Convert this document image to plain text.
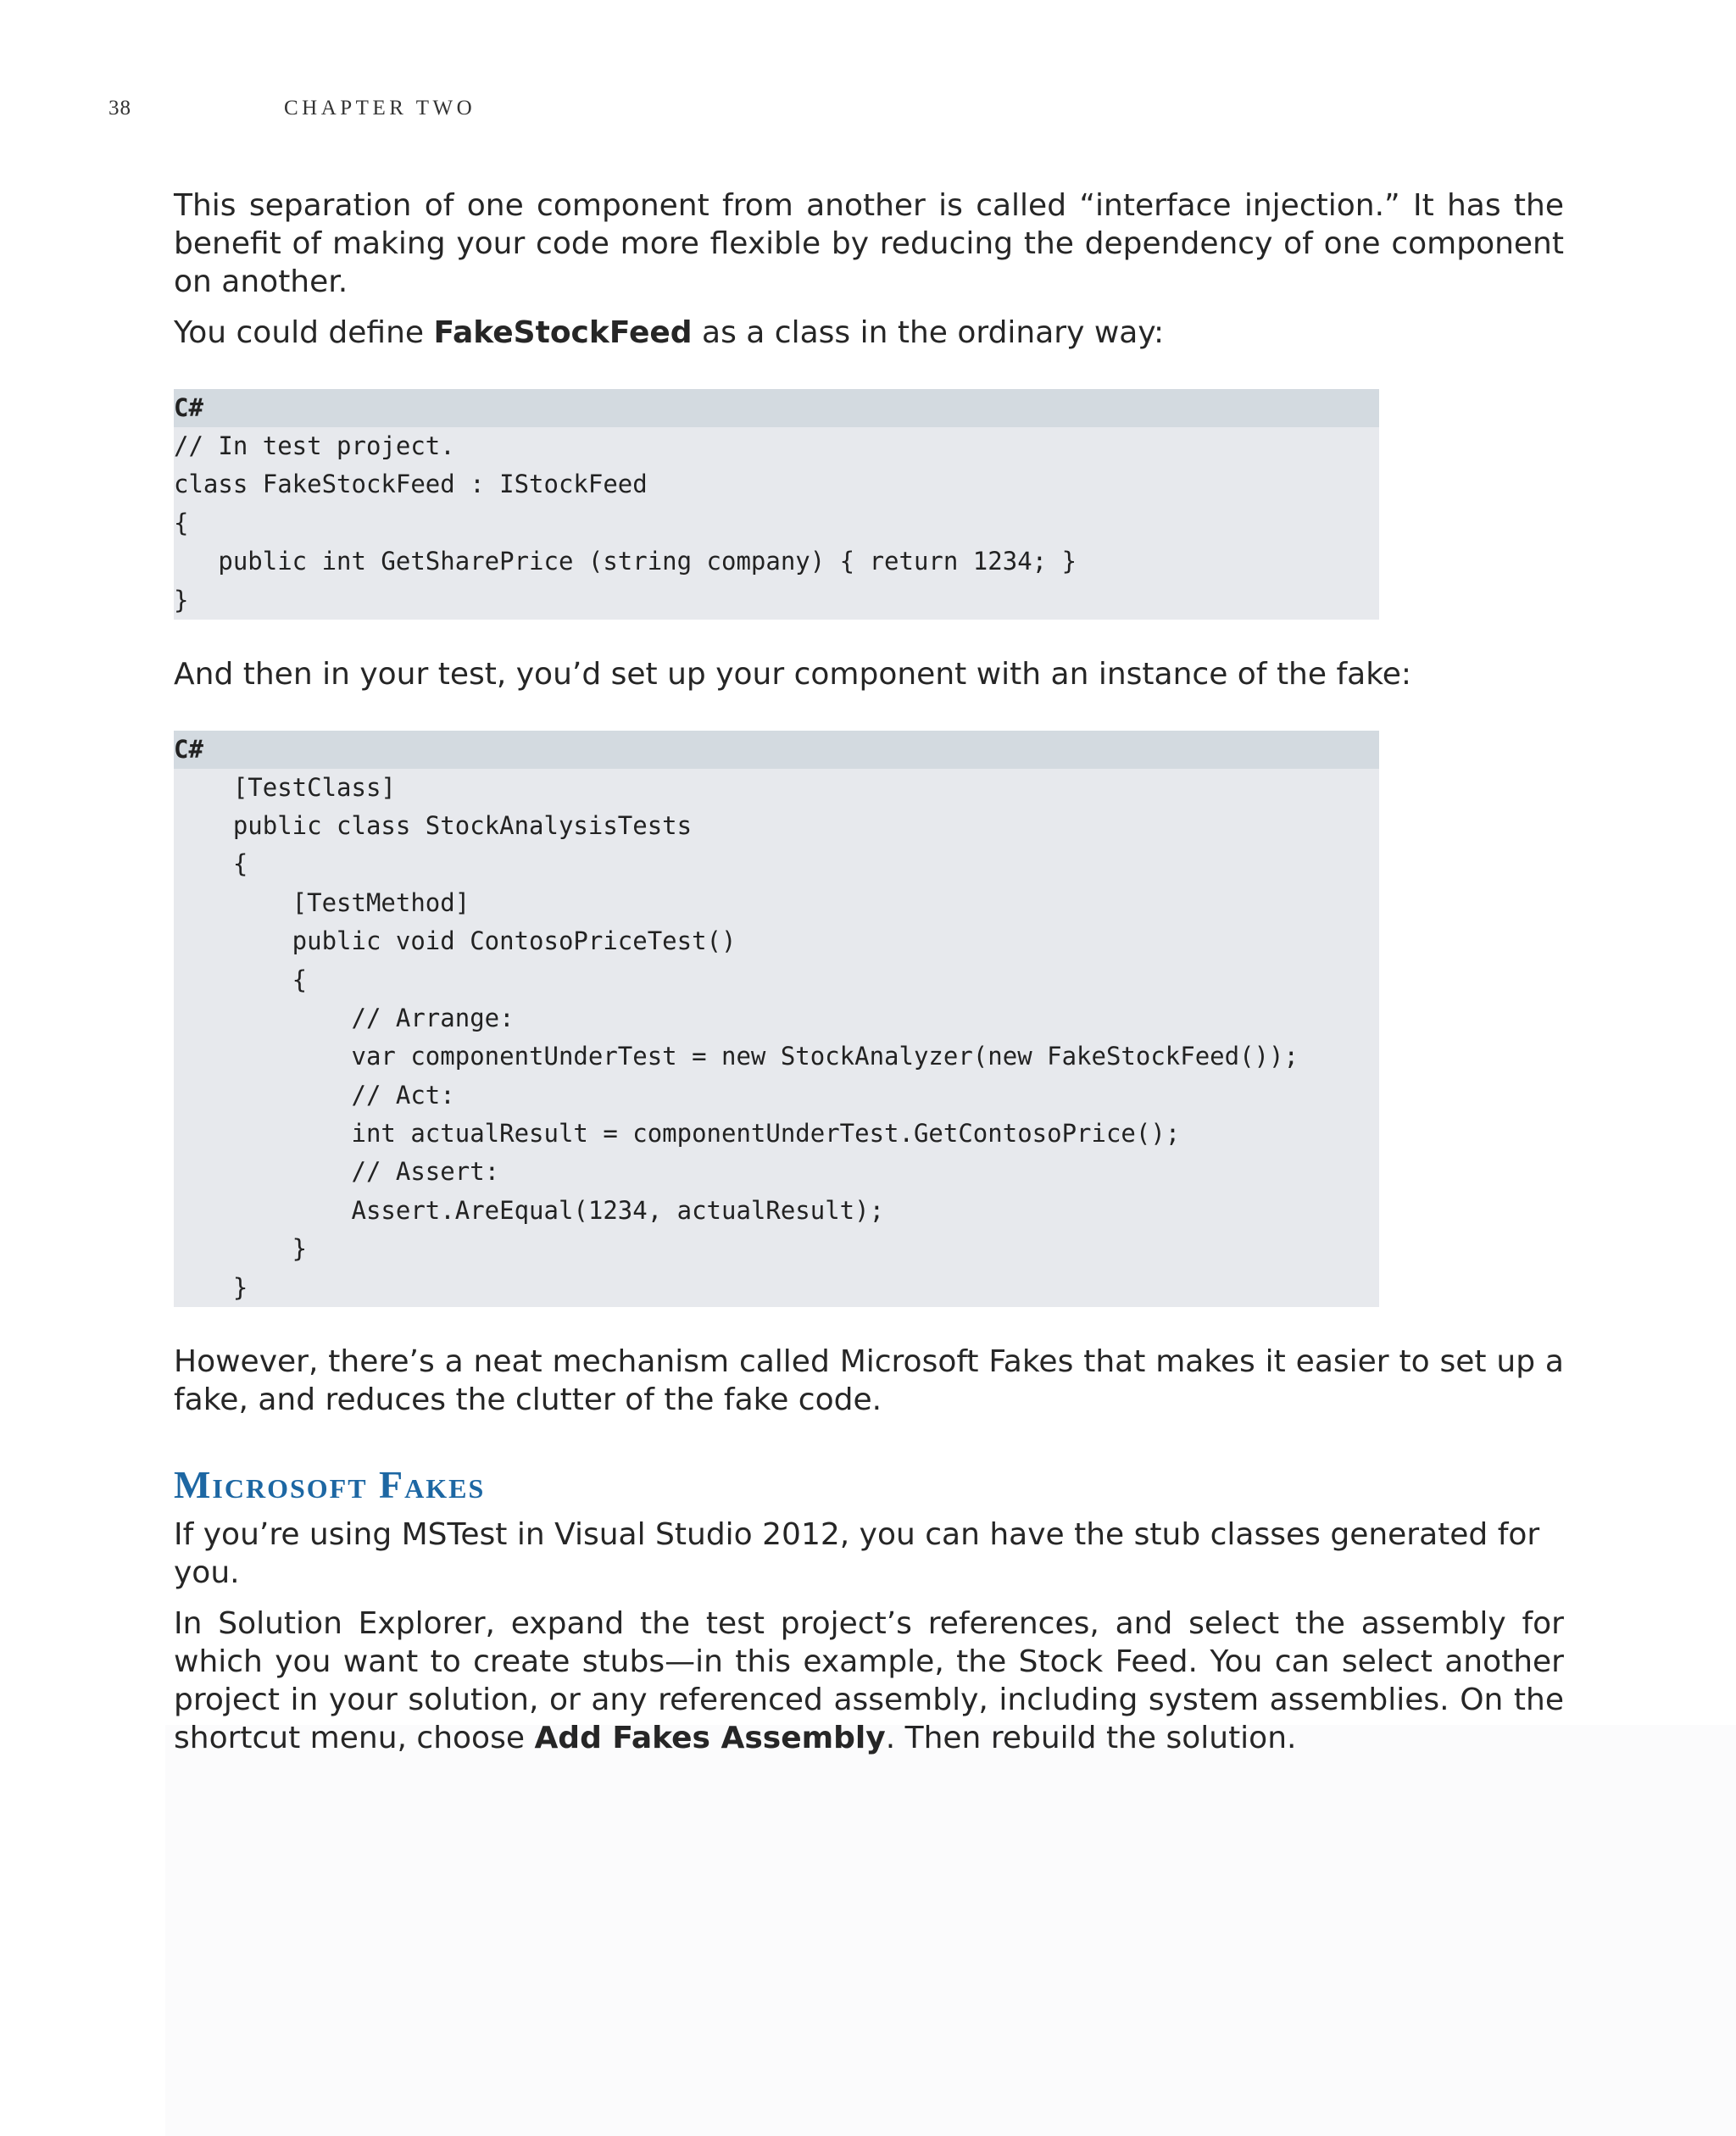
38	CHAPTER TWO

This separation of one component from another is called “interface injection.” It has the benefit of making your code more flexible by reducing the dependency of one component on another.

You could define FakeStockFeed as a class in the ordinary way:

C#
// In test project.
class FakeStockFeed : IStockFeed
{
public int GetSharePrice (string company) { return 1234; }
}

And then in your test, you’d set up your component with an instance of the fake:

C#
[TestClass]
public class StockAnalysisTests
{
[TestMethod]
public void ContosoPriceTest()
{
// Arrange:
var componentUnderTest = new StockAnalyzer(new FakeStockFeed());
// Act:
int actualResult = componentUnderTest.GetContosoPrice();
// Assert:
Assert.AreEqual(1234, actualResult);
}
}

However, there’s a neat mechanism called Microsoft Fakes that makes it easier to set up a fake, and reduces the clutter of the fake code.

Microsoft Fakes

If you’re using MSTest in Visual Studio 2012, you can have the stub classes generated for you.

In Solution Explorer, expand the test project’s references, and select the assembly for which you want to create stubs—in this example, the Stock Feed. You can select another project in your solution, or any referenced assembly, including system assemblies. On the shortcut menu, choose Add Fakes Assembly. Then rebuild the solution.
